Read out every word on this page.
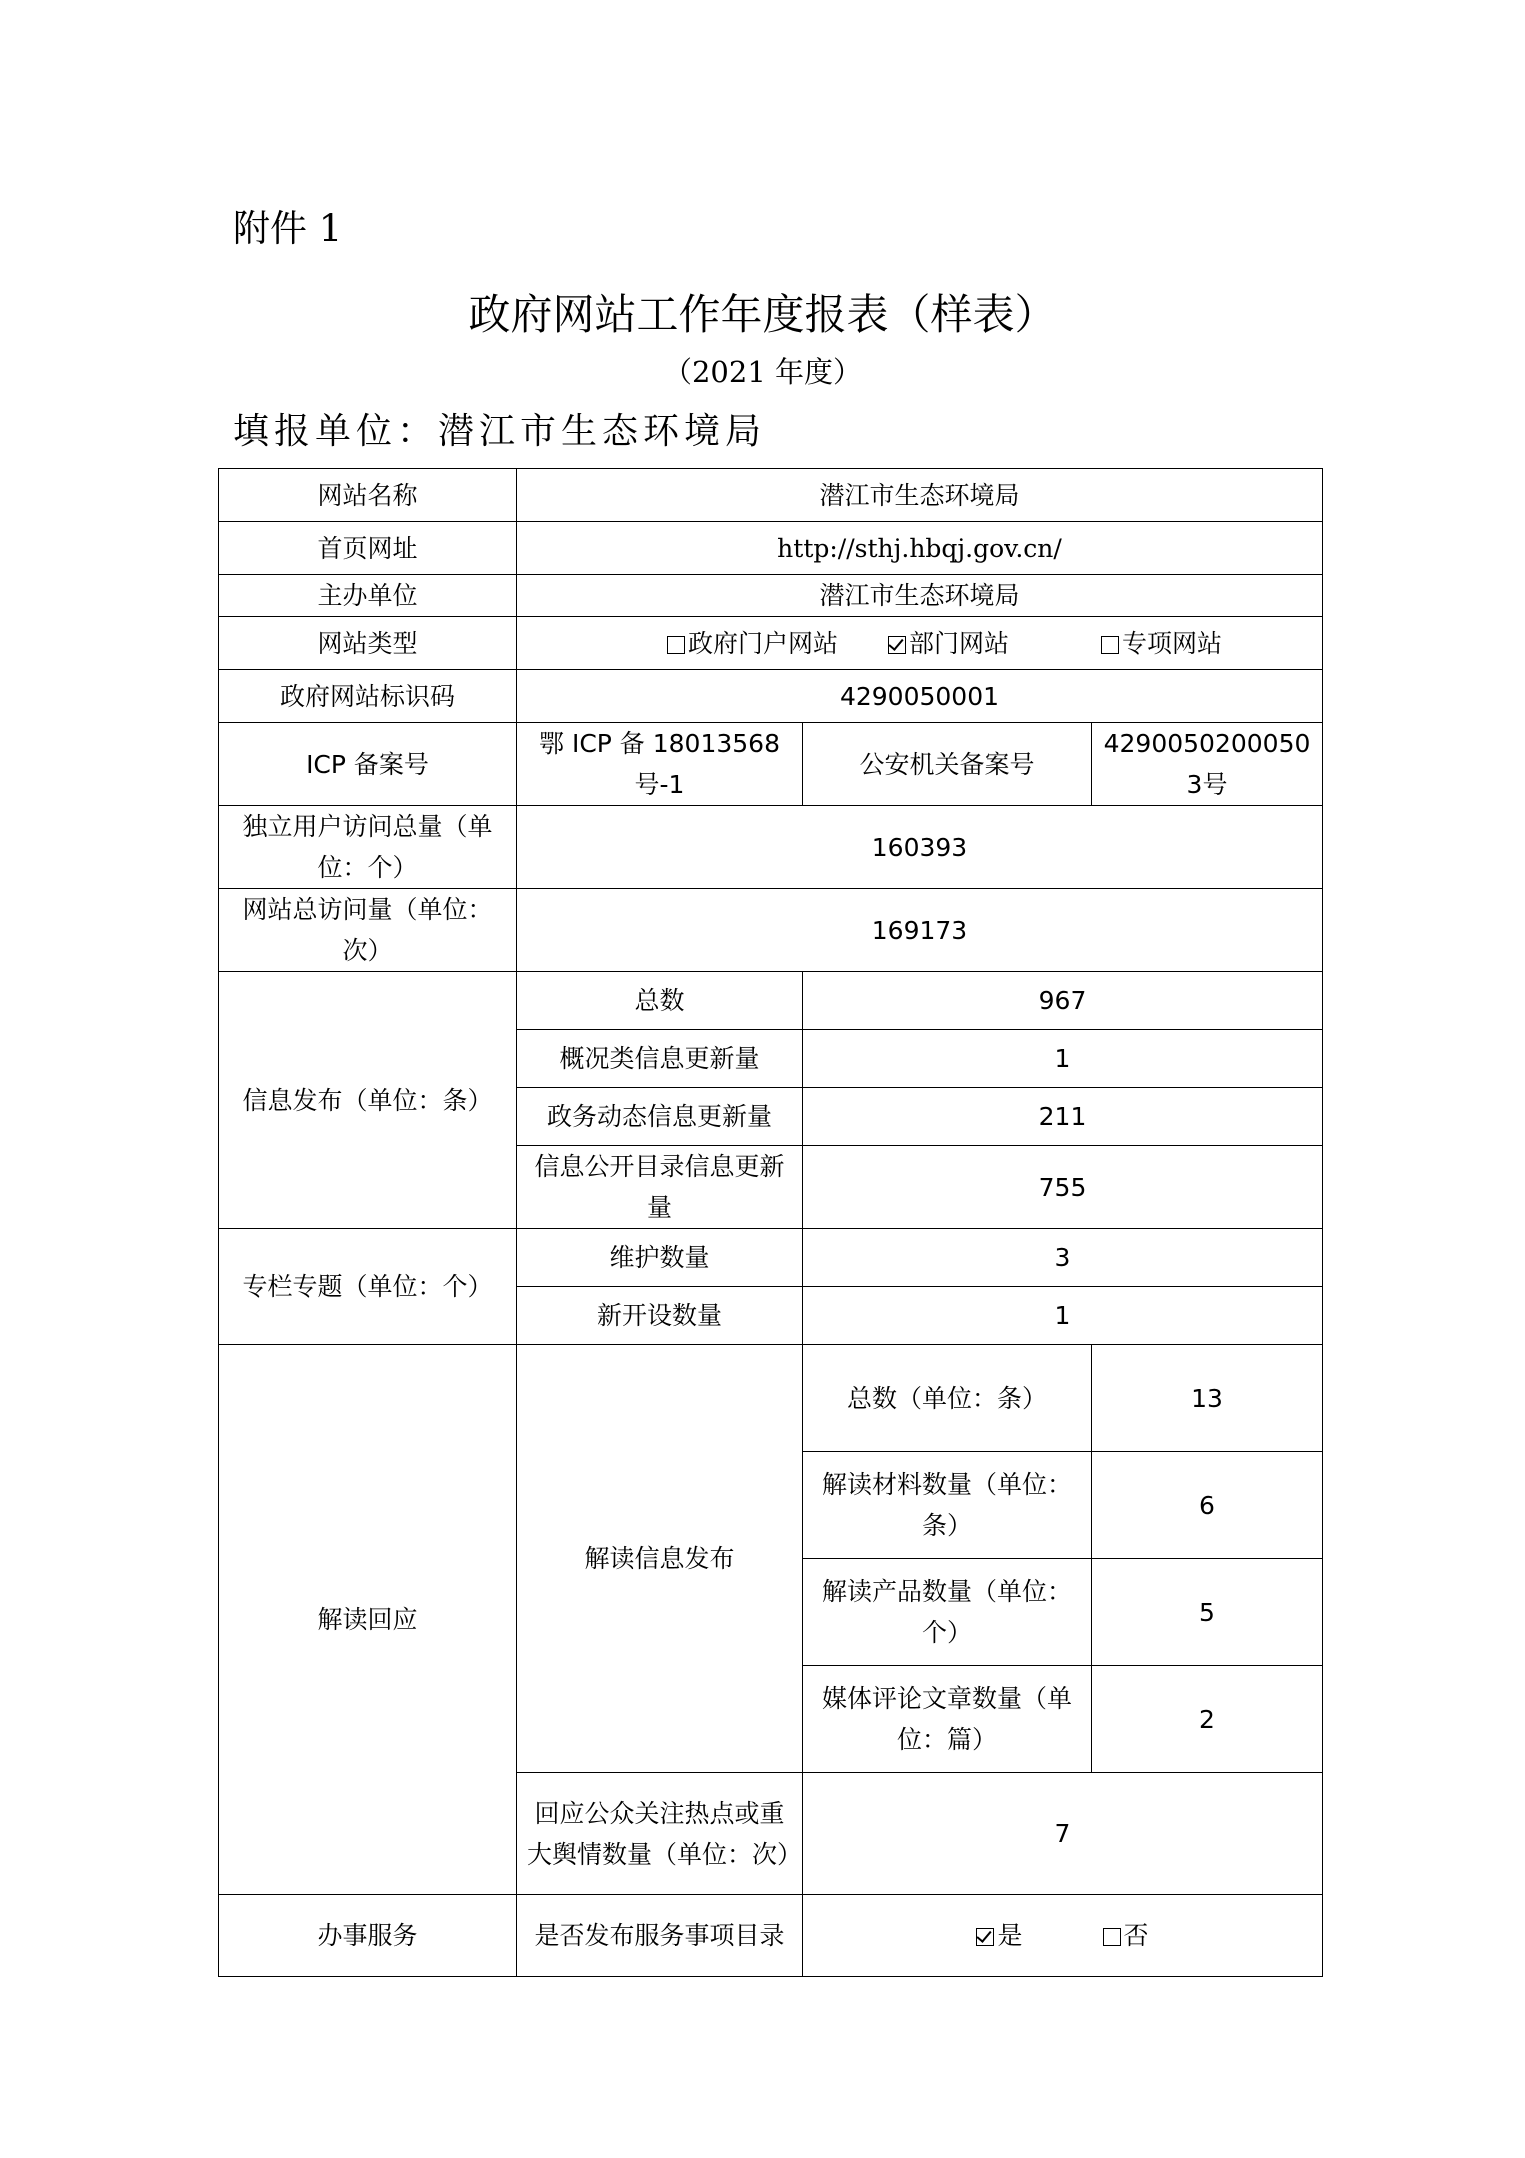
附件 1
政府网站工作年度报表（样表）
（2021 年度）
填报单位：潜江市生态环境局
网站名称	潜江市生态环境局		
首页网址	http://sthj.hbqj.gov.cn/		
主办单位	潜江市生态环境局		
网站类型	政府门户网站 部门网站 专项网站		
政府网站标识码	4290050001		
ICP 备案号	鄂 ICP 备 18013568 号-1	公安机关备案号	42900502000503号
独立用户访问总量（单位：个）	160393		
网站总访问量（单位：次）	169173		
信息发布（单位：条）	总数	967	
	概况类信息更新量	1	
	政务动态信息更新量	211	
	信息公开目录信息更新量	755	
专栏专题（单位：个）	维护数量	3	
	新开设数量	1	
解读回应	解读信息发布	总数（单位：条）	13
		解读材料数量（单位：条）	6
		解读产品数量（单位：个）	5
		媒体评论文章数量（单位：篇）	2
	回应公众关注热点或重大舆情数量（单位：次）	7	
办事服务	是否发布服务事项目录	是 否	
